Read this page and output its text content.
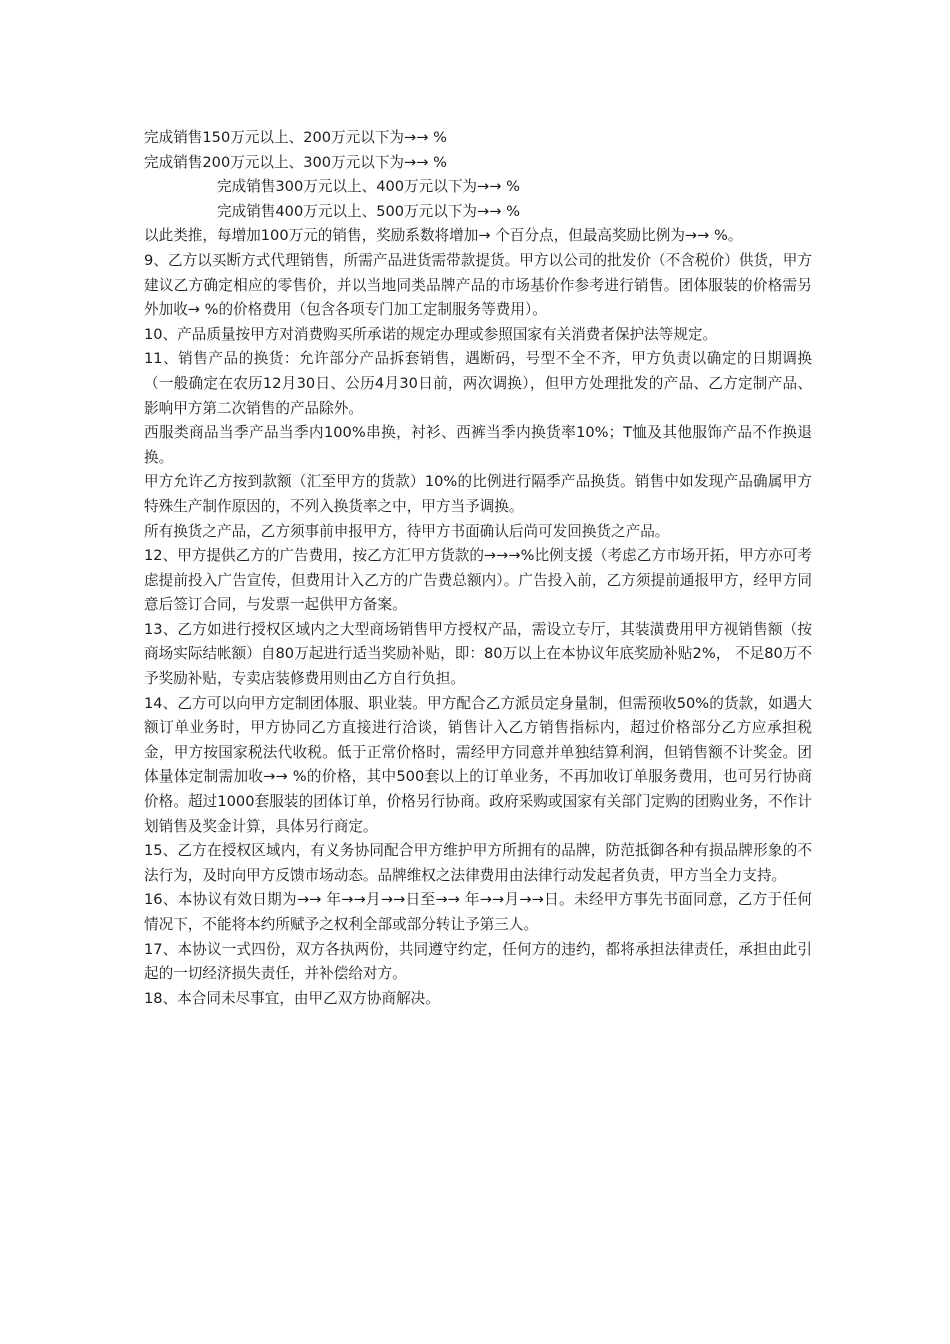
完成销售150万元以上、200万元以下为→→ %

完成销售200万元以上、300万元以下为→→ %

完成销售300万元以上、400万元以下为→→ %

完成销售400万元以上、500万元以下为→→ %

以此类推，每增加100万元的销售，奖励系数将增加→ 个百分点，但最高奖励比例为→→ %。

9、乙方以买断方式代理销售，所需产品进货需带款提货。甲方以公司的批发价（不含税价）供货，甲方建议乙方确定相应的零售价，并以当地同类品牌产品的市场基价作参考进行销售。团体服装的价格需另外加收→ %的价格费用（包含各项专门加工定制服务等费用）。

10、产品质量按甲方对消费购买所承诺的规定办理或参照国家有关消费者保护法等规定。

11、销售产品的换货：允许部分产品拆套销售，遇断码，号型不全不齐，甲方负责以确定的日期调换（一般确定在农历12月30日、公历4月30日前，两次调换），但甲方处理批发的产品、乙方定制产品、影响甲方第二次销售的产品除外。

西服类商品当季产品当季内100%串换，衬衫、西裤当季内换货率10%；T恤及其他服饰产品不作换退换。

甲方允许乙方按到款额（汇至甲方的货款）10%的比例进行隔季产品换货。销售中如发现产品确属甲方特殊生产制作原因的，不列入换货率之中，甲方当予调换。

所有换货之产品，乙方须事前申报甲方，待甲方书面确认后尚可发回换货之产品。

12、甲方提供乙方的广告费用，按乙方汇甲方货款的→→→%比例支援（考虑乙方市场开拓，甲方亦可考虑提前投入广告宣传，但费用计入乙方的广告费总额内）。广告投入前，乙方须提前通报甲方，经甲方同意后签订合同，与发票一起供甲方备案。

13、乙方如进行授权区域内之大型商场销售甲方授权产品，需设立专厅，其装潢费用甲方视销售额（按商场实际结帐额）自80万起进行适当奖励补贴，即：80万以上在本协议年底奖励补贴2%， 不足80万不予奖励补贴，专卖店装修费用则由乙方自行负担。

14、乙方可以向甲方定制团体服、职业装。甲方配合乙方派员定身量制，但需预收50%的货款，如遇大额订单业务时，甲方协同乙方直接进行洽谈，销售计入乙方销售指标内，超过价格部分乙方应承担税金，甲方按国家税法代收税。低于正常价格时，需经甲方同意并单独结算利润，但销售额不计奖金。团体量体定制需加收→→ %的价格，其中500套以上的订单业务，不再加收订单服务费用，也可另行协商价格。超过1000套服装的团体订单，价格另行协商。政府采购或国家有关部门定购的团购业务，不作计划销售及奖金计算，具体另行商定。

15、乙方在授权区域内，有义务协同配合甲方维护甲方所拥有的品牌，防范抵御各种有损品牌形象的不法行为，及时向甲方反馈市场动态。品牌维权之法律费用由法律行动发起者负责，甲方当全力支持。

16、本协议有效日期为→→ 年→→月→→日至→→ 年→→月→→日。未经甲方事先书面同意，乙方于任何情况下，不能将本约所赋予之权利全部或部分转让予第三人。

17、本协议一式四份，双方各执两份，共同遵守约定，任何方的违约，都将承担法律责任，承担由此引起的一切经济损失责任，并补偿给对方。

18、本合同未尽事宜，由甲乙双方协商解决。
